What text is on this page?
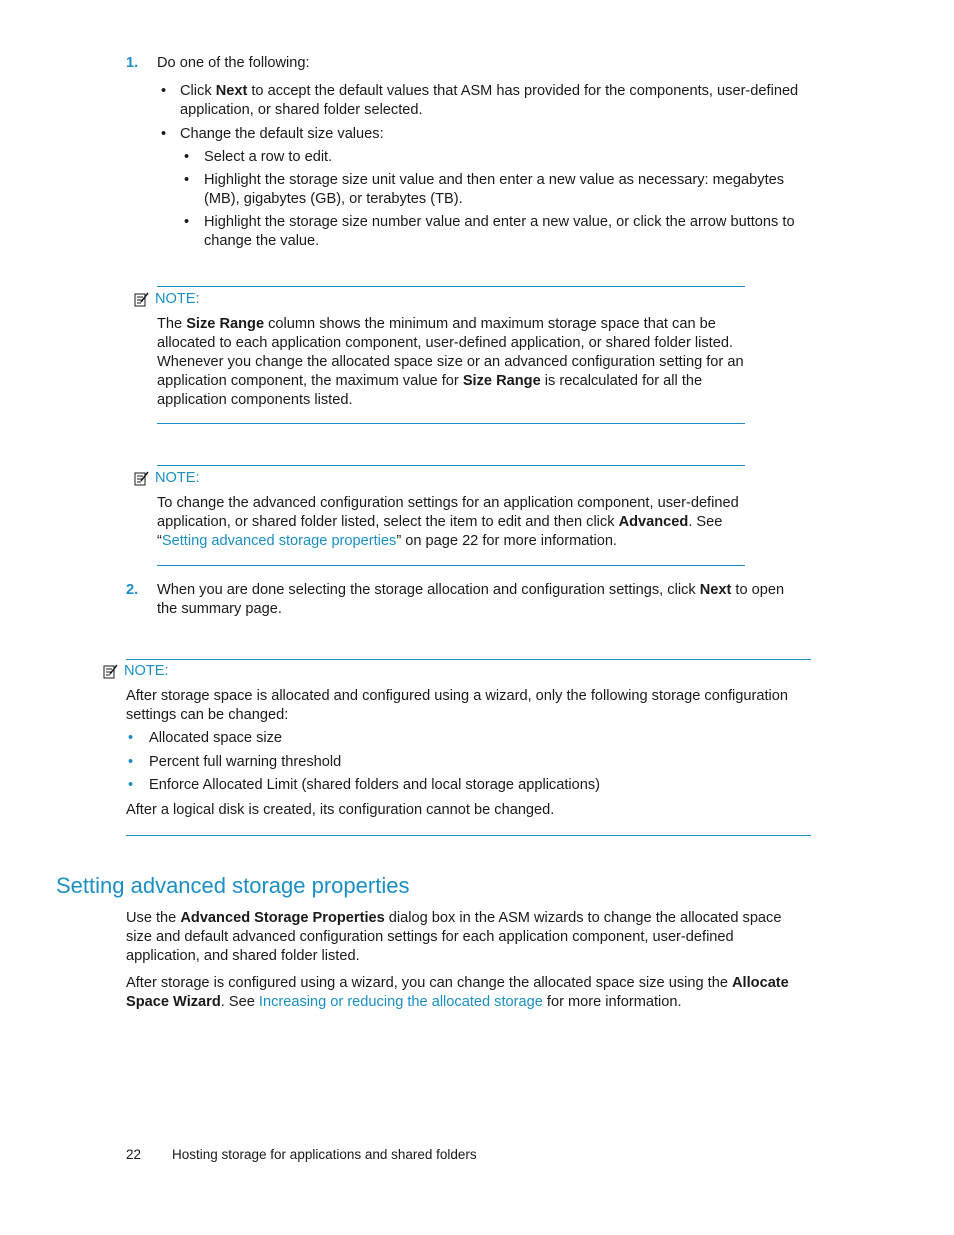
1. Do one of the following:
• Click Next to accept the default values that ASM has provided for the components, user-defined application, or shared folder selected.
• Change the default size values:
• Select a row to edit.
• Highlight the storage size unit value and then enter a new value as necessary: megabytes (MB), gigabytes (GB), or terabytes (TB).
• Highlight the storage size number value and enter a new value, or click the arrow buttons to change the value.
NOTE:
The Size Range column shows the minimum and maximum storage space that can be allocated to each application component, user-defined application, or shared folder listed. Whenever you change the allocated space size or an advanced configuration setting for an application component, the maximum value for Size Range is recalculated for all the application components listed.
NOTE:
To change the advanced configuration settings for an application component, user-defined application, or shared folder listed, select the item to edit and then click Advanced. See “Setting advanced storage properties” on page 22 for more information.
2. When you are done selecting the storage allocation and configuration settings, click Next to open the summary page.
NOTE:
After storage space is allocated and configured using a wizard, only the following storage configuration settings can be changed:
• Allocated space size
• Percent full warning threshold
• Enforce Allocated Limit (shared folders and local storage applications)
After a logical disk is created, its configuration cannot be changed.
Setting advanced storage properties
Use the Advanced Storage Properties dialog box in the ASM wizards to change the allocated space size and default advanced configuration settings for each application component, user-defined application, and shared folder listed.
After storage is configured using a wizard, you can change the allocated space size using the Allocate Space Wizard. See Increasing or reducing the allocated storage for more information.
22 Hosting storage for applications and shared folders
